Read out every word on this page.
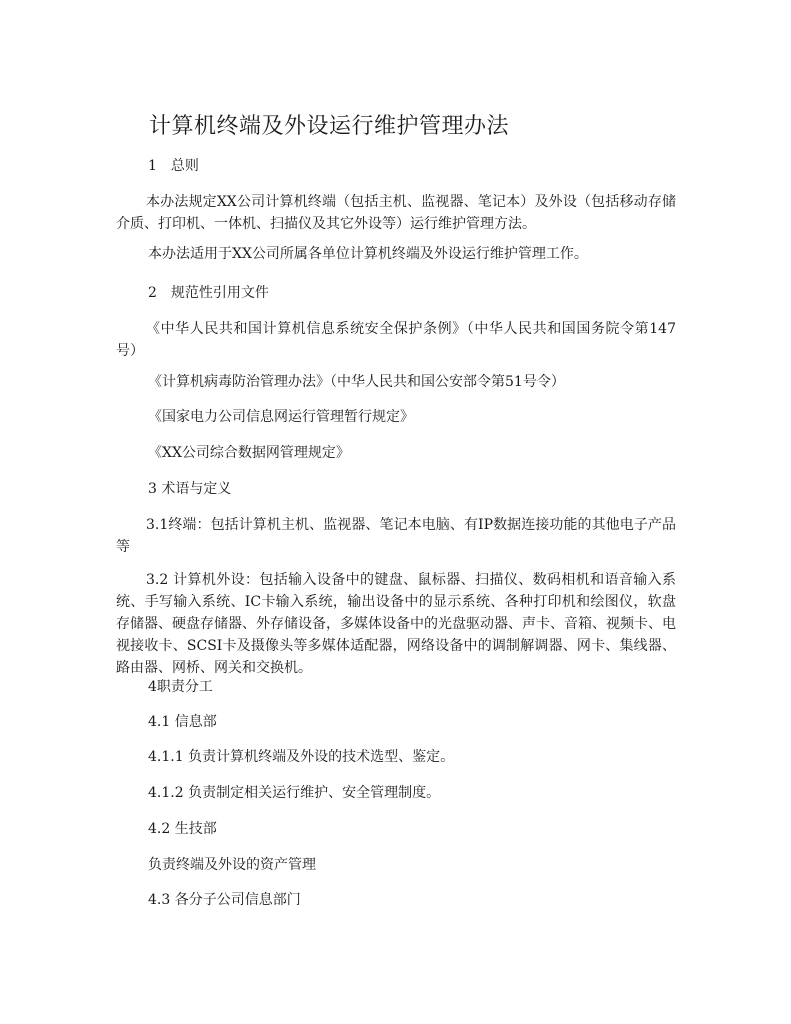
计算机终端及外设运行维护管理办法
1　总则
本办法规定XX公司计算机终端（包括主机、监视器、笔记本）及外设（包括移动存储介质、打印机、一体机、扫描仪及其它外设等）运行维护管理方法。
本办法适用于XX公司所属各单位计算机终端及外设运行维护管理工作。
2　规范性引用文件
《中华人民共和国计算机信息系统安全保护条例》（中华人民共和国国务院令第147号）
《计算机病毒防治管理办法》（中华人民共和国公安部令第51号令）
《国家电力公司信息网运行管理暂行规定》
《XX公司综合数据网管理规定》
3 术语与定义
3.1终端：包括计算机主机、监视器、笔记本电脑、有IP数据连接功能的其他电子产品等
3.2 计算机外设：包括输入设备中的键盘、鼠标器、扫描仪、数码相机和语音输入系统、手写输入系统、IC卡输入系统，输出设备中的显示系统、各种打印机和绘图仪，软盘存储器、硬盘存储器、外存储设备，多媒体设备中的光盘驱动器、声卡、音箱、视频卡、电视接收卡、SCSI卡及摄像头等多媒体适配器，网络设备中的调制解调器、网卡、集线器、路由器、网桥、网关和交换机。
4职责分工
4.1 信息部
4.1.1 负责计算机终端及外设的技术选型、鉴定。
4.1.2 负责制定相关运行维护、安全管理制度。
4.2 生技部
负责终端及外设的资产管理
4.3 各分子公司信息部门
